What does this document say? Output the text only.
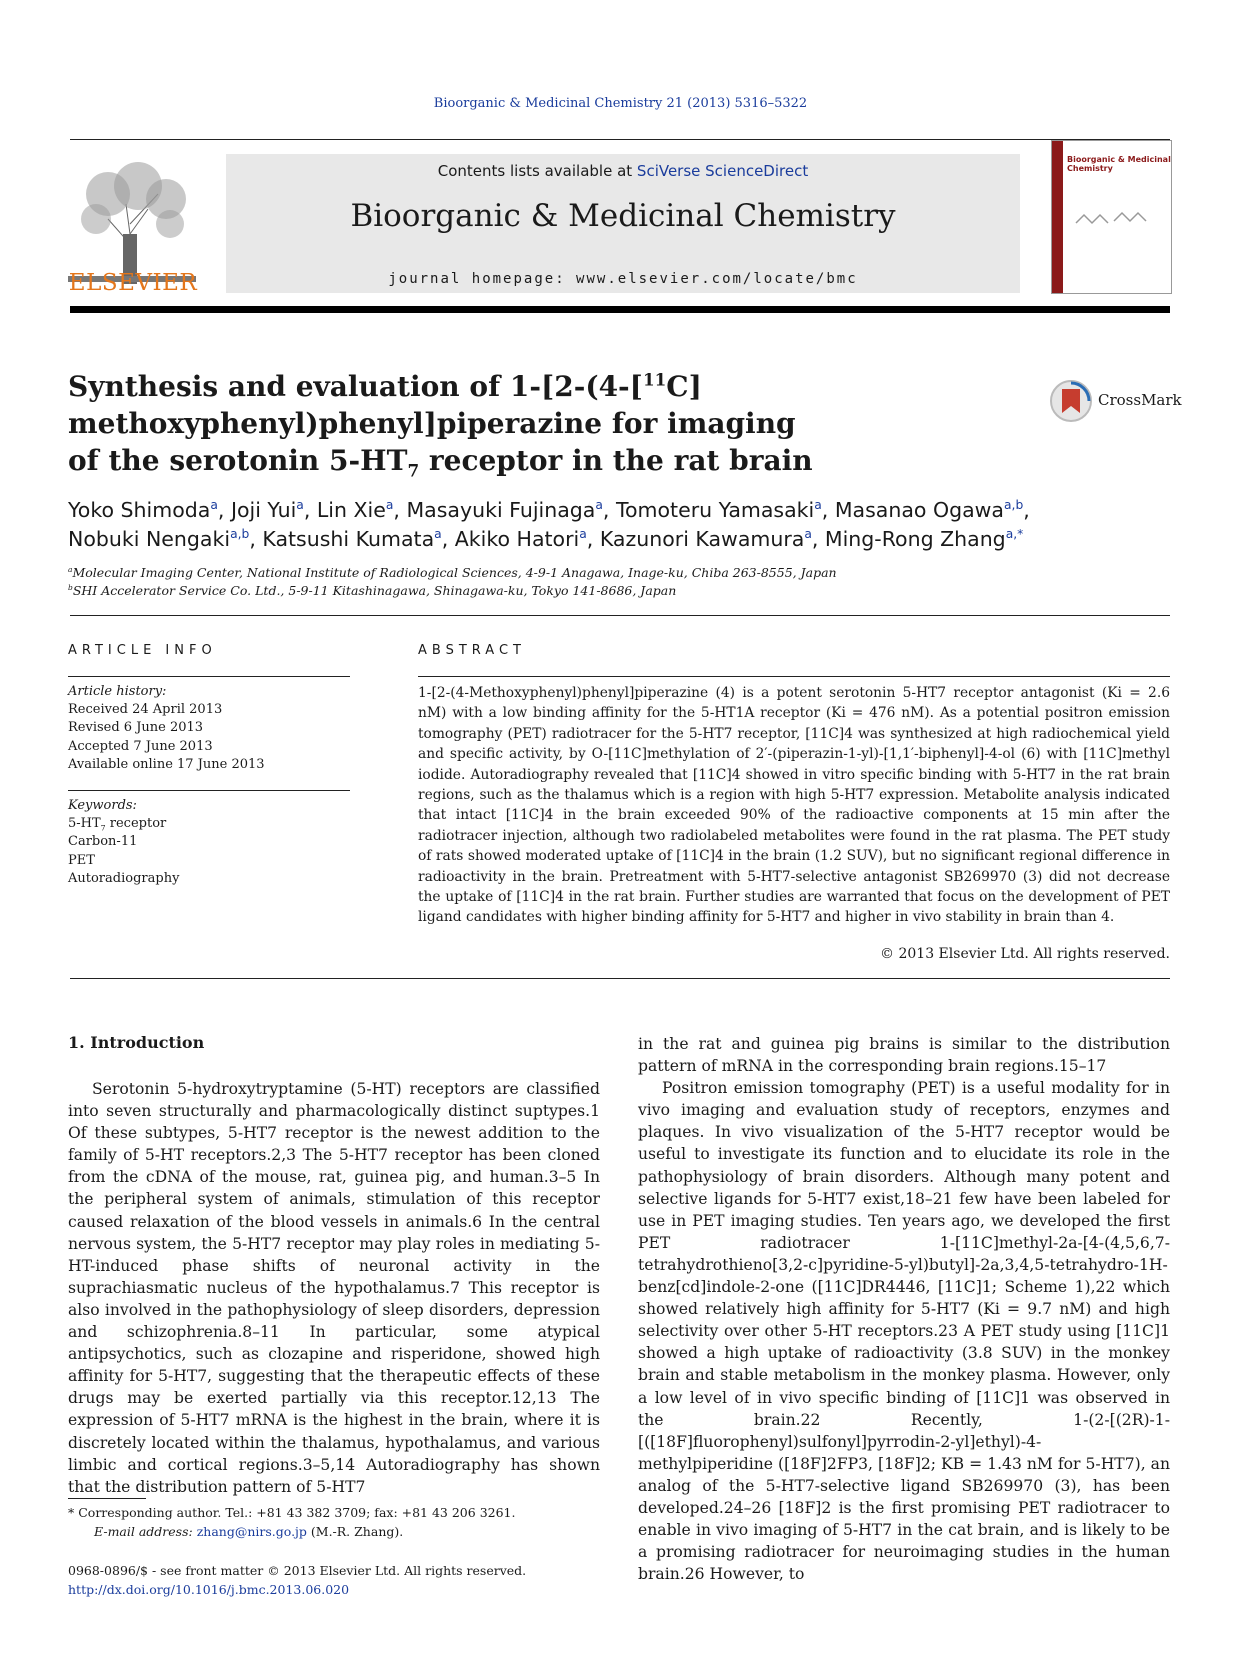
Bioorganic & Medicinal Chemistry 21 (2013) 5316–5322
ELSEVIER
Contents lists available at SciVerse ScienceDirect
Bioorganic & Medicinal Chemistry
journal homepage: www.elsevier.com/locate/bmc
Bioorganic & Medicinal Chemistry
Synthesis and evaluation of 1-[2-(4-[$^{11}$C]
methoxyphenyl)phenyl]piperazine for imaging
of the serotonin $5-HT_7$ receptor in the rat brain
CrossMark
Yoko Shimoda$^a$, Joji Yui$^a$, Lin Xie$^a$, Masayuki Fujinaga$^a$, Tomoteru Yamasaki$^a$, Masanao Ogawa$^{a,b}$,
Nobuki Nengaki$^{a,b}$, Katsushi Kumata$^a$, Akiko Hatori$^a$, Kazunori Kawamura$^a$, Ming-Rong Zhang$^{a,*}$
$^a$Molecular Imaging Center, National Institute of Radiological Sciences, 4-9-1 Anagawa, Inage-ku, Chiba 263-8555, Japan
$^b$SHI Accelerator Service Co. Ltd., 5-9-11 Kitashinagawa, Shinagawa-ku, Tokyo 141-8686, Japan
ARTICLE INFO
Article history:
Received 24 April 2013
Revised 6 June 2013
Accepted 7 June 2013
Available online 17 June 2013
Keywords:
$5-HT_7$ receptor
Carbon-11
PET
Autoradiography
ABSTRACT
1-[2-(4-Methoxyphenyl)phenyl]piperazine (4) is a potent serotonin 5-HT7 receptor antagonist (Ki = 2.6 nM) with a low binding affinity for the 5-HT1A receptor (Ki = 476 nM). As a potential positron emission tomography (PET) radiotracer for the 5-HT7 receptor, [11C]4 was synthesized at high radiochemical yield and specific activity, by O-[11C]methylation of 2′-(piperazin-1-yl)-[1,1′-biphenyl]-4-ol (6) with [11C]methyl iodide. Autoradiography revealed that [11C]4 showed in vitro specific binding with 5-HT7 in the rat brain regions, such as the thalamus which is a region with high 5-HT7 expression. Metabolite analysis indicated that intact [11C]4 in the brain exceeded 90% of the radioactive components at 15 min after the radiotracer injection, although two radiolabeled metabolites were found in the rat plasma. The PET study of rats showed moderated uptake of [11C]4 in the brain (1.2 SUV), but no significant regional difference in radioactivity in the brain. Pretreatment with 5-HT7-selective antagonist SB269970 (3) did not decrease the uptake of [11C]4 in the rat brain. Further studies are warranted that focus on the development of PET ligand candidates with higher binding affinity for 5-HT7 and higher in vivo stability in brain than 4.
© 2013 Elsevier Ltd. All rights reserved.
1. Introduction

Serotonin 5-hydroxytryptamine (5-HT) receptors are classified into seven structurally and pharmacologically distinct suptypes.1 Of these subtypes, 5-HT7 receptor is the newest addition to the family of 5-HT receptors.2,3 The 5-HT7 receptor has been cloned from the cDNA of the mouse, rat, guinea pig, and human.3–5 In the peripheral system of animals, stimulation of this receptor caused relaxation of the blood vessels in animals.6 In the central nervous system, the 5-HT7 receptor may play roles in mediating 5-HT-induced phase shifts of neuronal activity in the suprachiasmatic nucleus of the hypothalamus.7 This receptor is also involved in the pathophysiology of sleep disorders, depression and schizophrenia.8–11 In particular, some atypical antipsychotics, such as clozapine and risperidone, showed high affinity for 5-HT7, suggesting that the therapeutic effects of these drugs may be exerted partially via this receptor.12,13 The expression of 5-HT7 mRNA is the highest in the brain, where it is discretely located within the thalamus, hypothalamus, and various limbic and cortical regions.3–5,14 Autoradiography has shown that the distribution pattern of 5-HT7

in the rat and guinea pig brains is similar to the distribution pattern of mRNA in the corresponding brain regions.15–17

Positron emission tomography (PET) is a useful modality for in vivo imaging and evaluation study of receptors, enzymes and plaques. In vivo visualization of the 5-HT7 receptor would be useful to investigate its function and to elucidate its role in the pathophysiology of brain disorders. Although many potent and selective ligands for 5-HT7 exist,18–21 few have been labeled for use in PET imaging studies. Ten years ago, we developed the first PET radiotracer 1-[11C]methyl-2a-[4-(4,5,6,7-tetrahydrothieno[3,2-c]pyridine-5-yl)butyl]-2a,3,4,5-tetrahydro-1H-benz[cd]indole-2-one ([11C]DR4446, [11C]1; Scheme 1),22 which showed relatively high affinity for 5-HT7 (Ki = 9.7 nM) and high selectivity over other 5-HT receptors.23 A PET study using [11C]1 showed a high uptake of radioactivity (3.8 SUV) in the monkey brain and stable metabolism in the monkey plasma. However, only a low level of in vivo specific binding of [11C]1 was observed in the brain.22 Recently, 1-(2-[(2R)-1-[([18F]fluorophenyl)sulfonyl]pyrrodin-2-yl]ethyl)-4-methylpiperidine ([18F]2FP3, [18F]2; KB = 1.43 nM for 5-HT7), an analog of the 5-HT7-selective ligand SB269970 (3), has been developed.24–26 [18F]2 is the first promising PET radiotracer to enable in vivo imaging of 5-HT7 in the cat brain, and is likely to be a promising radiotracer for neuroimaging studies in the human brain.26 However, to

* Corresponding author. Tel.: +81 43 382 3709; fax: +81 43 206 3261.
E-mail address: zhang@nirs.go.jp (M.-R. Zhang).
0968-0896/$ - see front matter © 2013 Elsevier Ltd. All rights reserved.
http://dx.doi.org/10.1016/j.bmc.2013.06.020
